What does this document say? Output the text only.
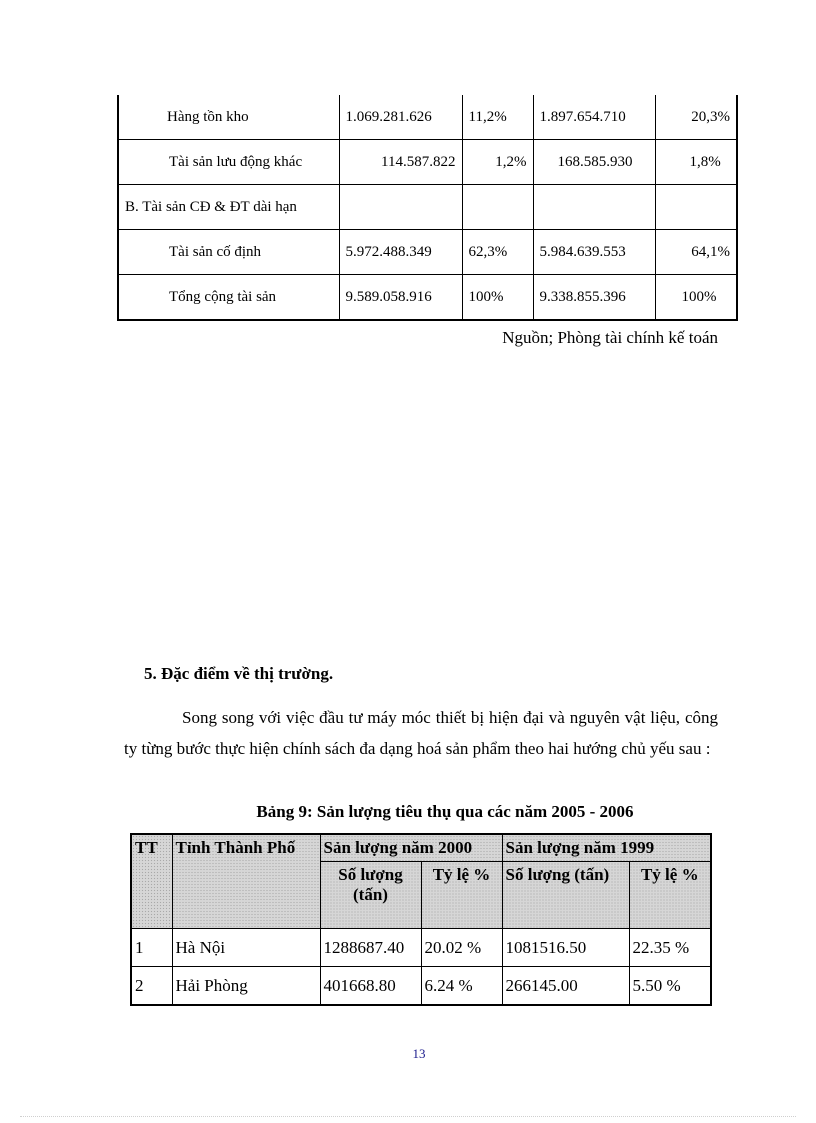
Hàng tồn kho	1.069.281.626	11,2%	1.897.654.710	20,3%
Tài sản lưu động khác	114.587.822	1,2%	168.585.930	1,8%
B. Tài sản CĐ & ĐT dài hạn				
Tài sản cố định	5.972.488.349	62,3%	5.984.639.553	64,1%
Tổng cộng tài sản	9.589.058.916	100%	9.338.855.396	100%
Nguồn; Phòng tài chính kế toán
5. Đặc điểm về thị trường.
Song song với việc đầu tư máy móc thiết bị hiện đại và nguyên vật liệu, công ty từng bước thực hiện chính sách đa dạng hoá sản phẩm theo hai hướng chủ yếu sau :
Bảng 9: Sản lượng tiêu thụ qua các năm 2005 - 2006
TT	Tỉnh Thành Phố	Sản lượng năm 2000		Sản lượng năm 1999	
		Số lượng (tấn)	Tỷ lệ %	Số lượng (tấn)	Tỷ lệ %
1	Hà Nội	1288687.40	20.02 %	1081516.50	22.35 %
2	Hải Phòng	401668.80	6.24 %	266145.00	5.50 %
13
